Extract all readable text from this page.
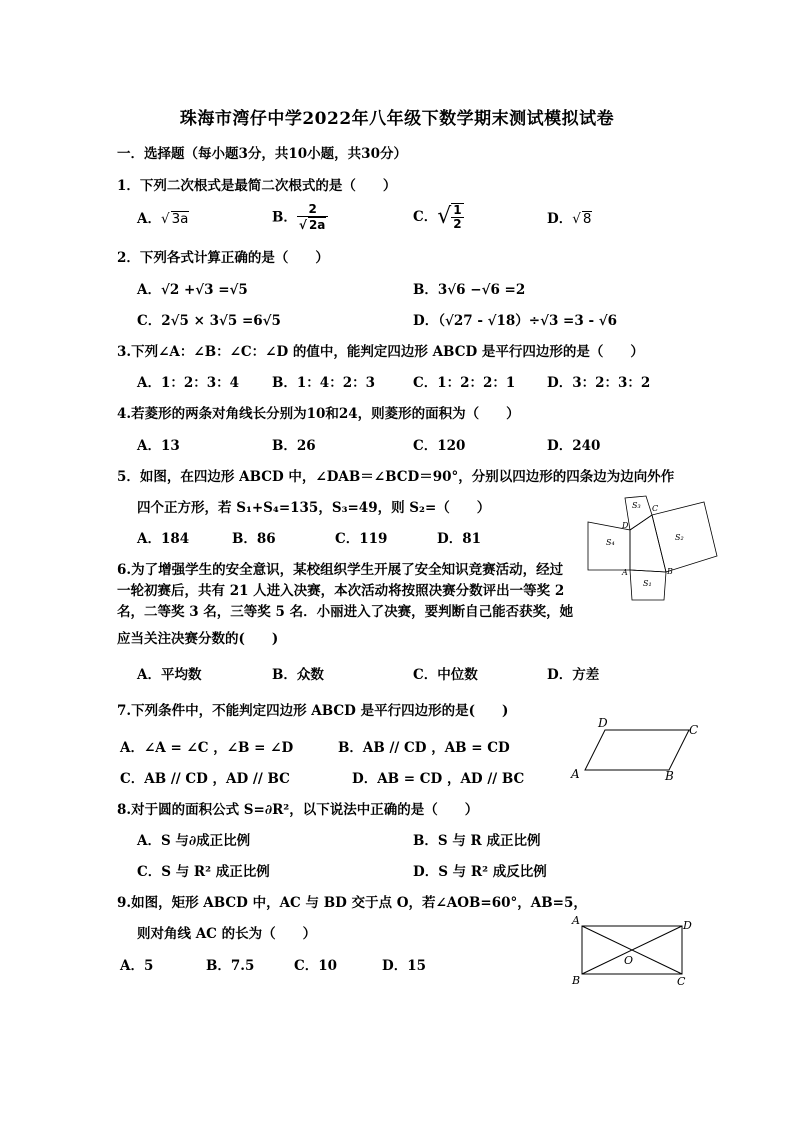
珠海市湾仔中学2022年八年级下数学期末测试模拟试卷
一．选择题（每小题3分，共10小题，共30分）
1．下列二次根式是最简二次根式的是（　　）
A．√ 3a	B． $\frac{2}{√ 2a}$	C．√ $\frac{1}{2}$	D．√ 8
2．下列各式计算正确的是（　　）
A．√2 +√3 =√5	B．3√6 −√6 =2
C．2√5 × 3√5 =6√5	D．（√27 - √18）÷√3 =3 - √6
3.下列∠A：∠B：∠C：∠D 的值中，能判定四边形 ABCD 是平行四边形的是（　　）
A．1：2：3：4 B．1：4：2：3	C．1：2：2：1 D．3：2：3：2
4.若菱形的两条对角线长分别为10和24，则菱形的面积为（　　）
A．13	B．26	C．120	D．240
5．如图，在四边形 ABCD 中，∠DAB＝∠BCD＝90°，分别以四边形的四条边为边向外作
四个正方形，若 S₁+S₄=135，S₃=49，则 S₂=（　　）
A．184	B．86	C．119	D．81
S₃ C
D
S₂
S₄
A	B
S₁
6.为了增强学生的安全意识，某校组织学生开展了安全知识竞赛活动，经过
一轮初赛后，共有 21 人进入决赛，本次活动将按照决赛分数评出一等奖 2
名，二等奖 3 名，三等奖 5 名．小丽进入了决赛，要判断自己能否获奖，她
应当关注决赛分数的(　　)
A．平均数	B．众数	C．中位数	D．方差
7.下列条件中，不能判定四边形 ABCD 是平行四边形的是(　　)
A．∠A = ∠C ，∠B = ∠D	B．AB // CD ，AB = CD
C．AB // CD ，AD // BC	D．AB = CD ，AD // BC	A	B
C
D
8.对于圆的面积公式 S=∂R²，以下说法中正确的是（　　）
A．S 与∂成正比例	B．S 与 R 成正比例
C．S 与 R² 成正比例	D．S 与 R² 成反比例
9.如图，矩形 ABCD 中，AC 与 BD 交于点 O，若∠AOB=60°，AB=5，
则对角线 AC 的长为（　　）
A．5	B．7.5	C．10	D．15
A	D
B	C
O
